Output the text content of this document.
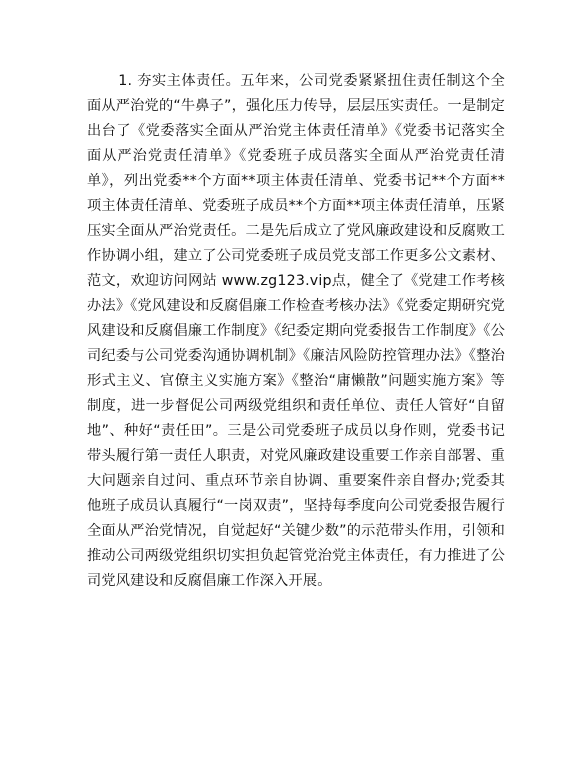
1. 夯实主体责任。五年来，公司党委紧紧扭住责任制这个全面从严治党的“牛鼻子”，强化压力传导，层层压实责任。一是制定出台了《党委落实全面从严治党主体责任清单》《党委书记落实全面从严治党责任清单》《党委班子成员落实全面从严治党责任清单》，列出党委**个方面**项主体责任清单、党委书记**个方面**项主体责任清单、党委班子成员**个方面**项主体责任清单，压紧压实全面从严治党责任。二是先后成立了党风廉政建设和反腐败工作协调小组，建立了公司党委班子成员党支部工作更多公文素材、范文，欢迎访问网站 www.zg123.vip点，健全了《党建工作考核办法》《党风建设和反腐倡廉工作检查考核办法》《党委定期研究党风建设和反腐倡廉工作制度》《纪委定期向党委报告工作制度》《公司纪委与公司党委沟通协调机制》《廉洁风险防控管理办法》《整治形式主义、官僚主义实施方案》《整治“庸懒散”问题实施方案》等制度，进一步督促公司两级党组织和责任单位、责任人管好“自留地”、种好“责任田”。三是公司党委班子成员以身作则，党委书记带头履行第一责任人职责，对党风廉政建设重要工作亲自部署、重大问题亲自过问、重点环节亲自协调、重要案件亲自督办;党委其他班子成员认真履行“一岗双责”，坚持每季度向公司党委报告履行全面从严治党情况，自觉起好“关键少数”的示范带头作用，引领和推动公司两级党组织切实担负起管党治党主体责任，有力推进了公司党风建设和反腐倡廉工作深入开展。
